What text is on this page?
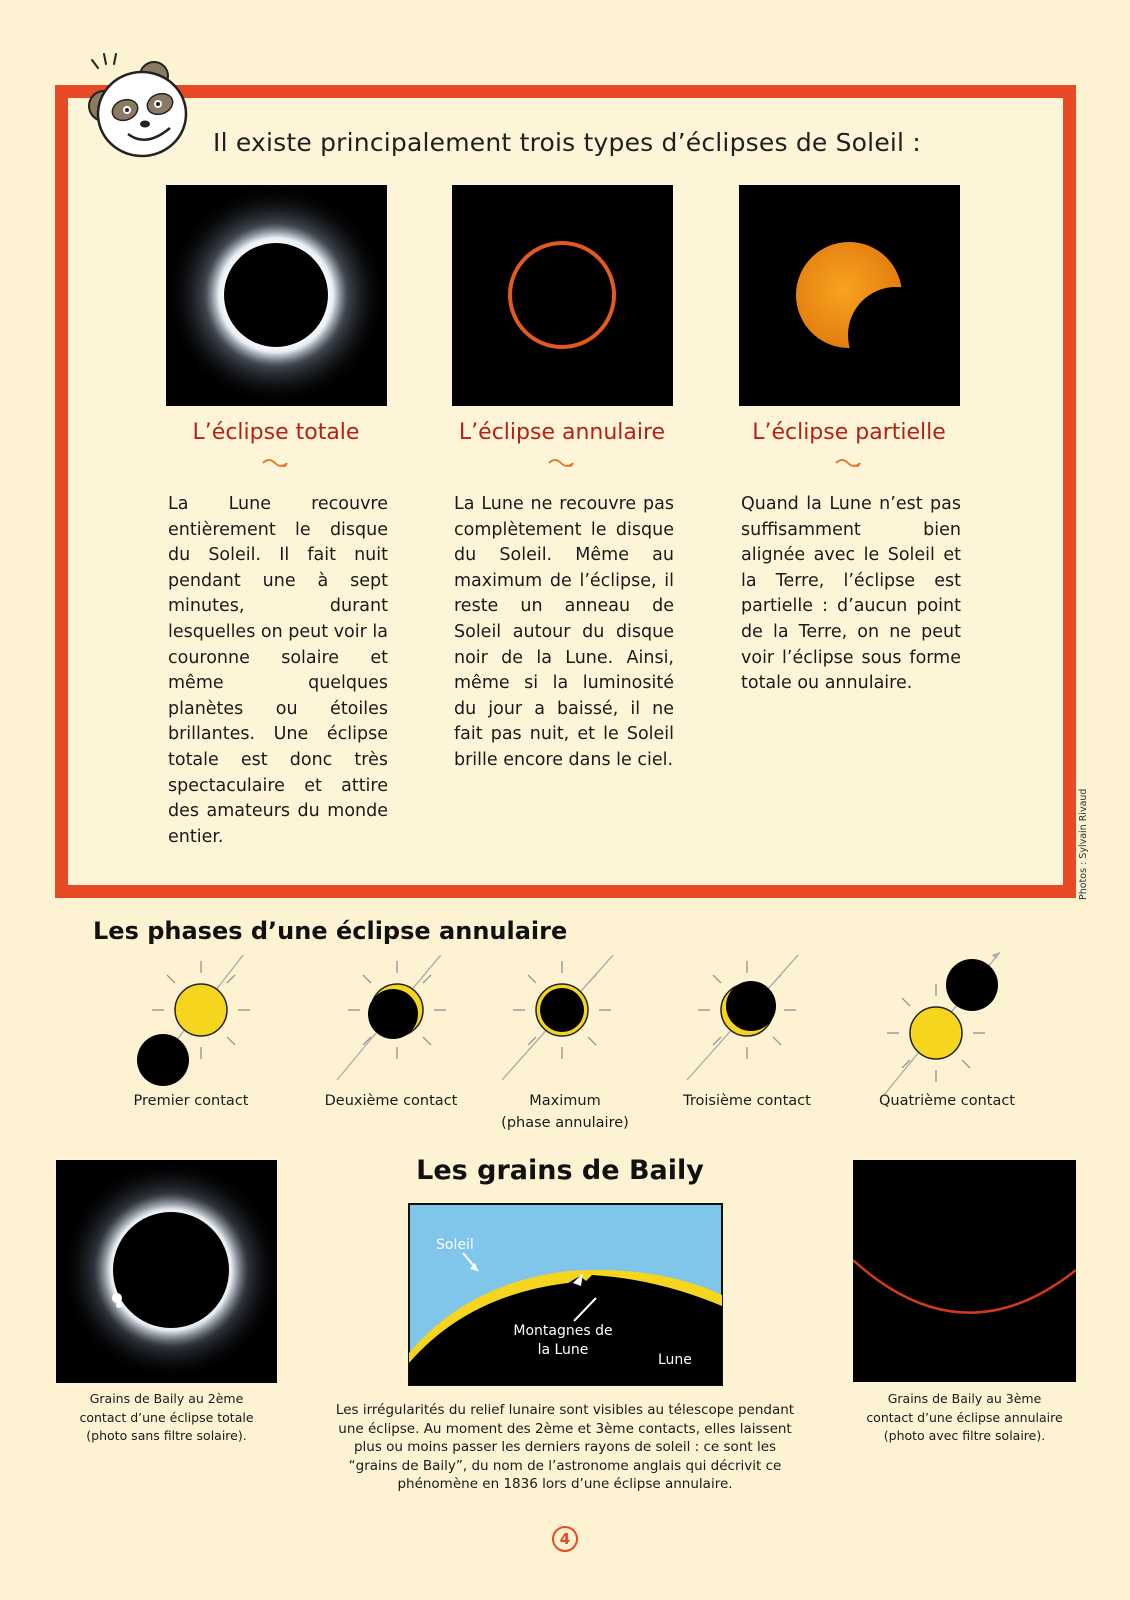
Il existe principalement trois types d’éclipses de Soleil :
L’éclipse totale	L’éclipse annulaire	L’éclipse partielle
La Lune recouvre entièrement le disque du Soleil. Il fait nuit pendant une à sept minutes, durant lesquelles on peut voir la couronne solaire et même quelques planètes ou étoiles brillantes. Une éclipse totale est donc très spectaculaire et attire des amateurs du monde entier.
La Lune ne recouvre pas complètement le disque du Soleil. Même au maximum de l’éclipse, il reste un anneau de Soleil autour du disque noir de la Lune. Ainsi, même si la luminosité du jour a baissé, il ne fait pas nuit, et le Soleil brille encore dans le ciel.
Quand la Lune n’est pas suffisamment bien alignée avec le Soleil et la Terre, l’éclipse est partielle : d’aucun point de la Terre, on ne peut voir l’éclipse sous forme totale ou annulaire.
Photos : Sylvain Rivaud
Les phases d’une éclipse annulaire
Premier contact	Deuxième contact	Maximum
(phase annulaire)
Troisième contact	Quatrième contact
Les grains de Baily
Soleil
Montagnes de
la Lune
Lune
Grains de Baily au 2ème
contact d’une éclipse totale
(photo sans filtre solaire).
Grains de Baily au 3ème
contact d’une éclipse annulaire
(photo avec filtre solaire).
Les irrégularités du relief lunaire sont visibles au télescope pendant
une éclipse. Au moment des 2ème et 3ème contacts, elles laissent
plus ou moins passer les derniers rayons de soleil : ce sont les
“grains de Baily”, du nom de l’astronome anglais qui décrivit ce
phénomène en 1836 lors d’une éclipse annulaire.
4
